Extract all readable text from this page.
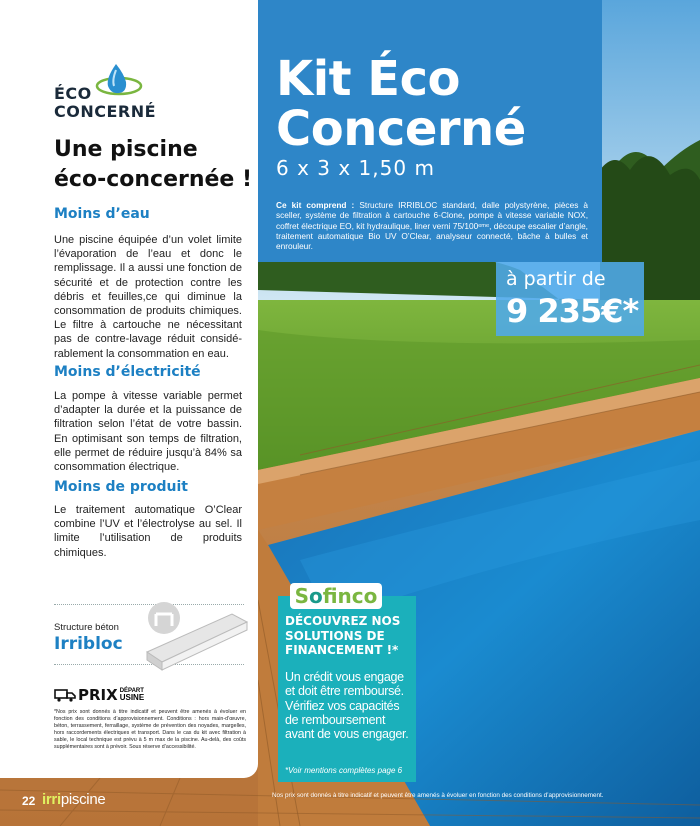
ÉCO
CONCERNÉ
Une piscine
éco-concernée !
Moins d’eau
Une piscine équipée d’un volet limite l’évaporation de l’eau et donc le remplissage. Il a aussi une fonction de sécurité et de protection contre les débris et feuilles,ce qui diminue la consommation de produits chimiques. Le filtre à cartouche ne nécessitant pas de contre-lavage réduit considérablement la consommation en eau.
Moins d’électricité
La pompe à vitesse variable permet d’adapter la durée et la puissance de filtration selon l’état de votre bassin. En optimisant son temps de filtration, elle permet de réduire jusqu’à 84% sa consommation électrique.
Moins de produit
Le traitement automatique O’Clear combine l’UV et l’électrolyse au sel. Il limite l’utilisation de produits chimiques.
Structure béton
Irribloc
PRIX DÉPART
USINE
*Nos prix sont donnés à titre indicatif et peuvent être amenés à évoluer en fonction des conditions d’approvisionnement. Conditions : hors main-d’œuvre, béton, terrassement, ferraillage, système de prévention des noyades, margelles, hors raccordements électriques et transport. Dans le cas du kit avec filtration à sable, le local technique est prévu à 5 m max de la piscine. Au-delà, des coûts supplémentaires sont à prévoir. Sous réserve d’accessibilité.
22 irripiscine
Kit Éco
Concerné
6 x 3 x 1,50 m
Ce kit comprend : Structure IRRIBLOC standard, dalle polystyrène, pièces à sceller, système de filtration à cartouche 6-Clone, pompe à vitesse variable NOX, coffret électrique EO, kit hydraulique, liner verni 75/100ᵉᵐᵉ, découpe escalier d’angle, traitement automatique Bio UV O’Clear, analyseur connecté, bâche à bulles et enrouleur.
à partir de
9 235€*
Sofinco
DÉCOUVREZ NOS SOLUTIONS DE FINANCEMENT !*
Un crédit vous engage et doit être remboursé. Vérifiez vos capacités de remboursement avant de vous engager.
*Voir mentions complètes page 6
Nos prix sont donnés à titre indicatif et peuvent être amenés à évoluer en fonction des conditions d’approvisionnement.
